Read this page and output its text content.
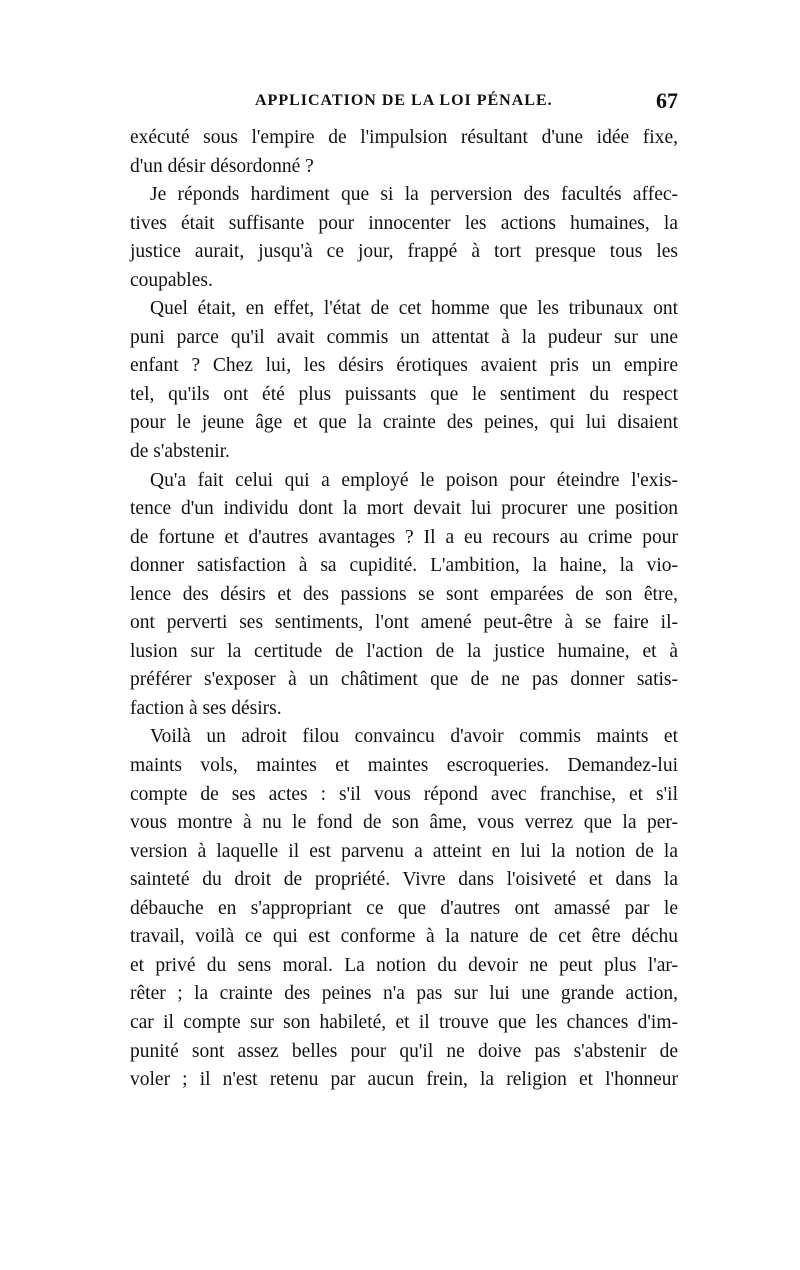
APPLICATION DE LA LOI PÉNALE.	67
exécuté sous l'empire de l'impulsion résultant d'une idée fixe,
d'un désir désordonné ?
Je réponds hardiment que si la perversion des facultés affec-
tives était suffisante pour innocenter les actions humaines, la
justice aurait, jusqu'à ce jour, frappé à tort presque tous les
coupables.
Quel était, en effet, l'état de cet homme que les tribunaux ont
puni parce qu'il avait commis un attentat à la pudeur sur une
enfant ? Chez lui, les désirs érotiques avaient pris un empire
tel, qu'ils ont été plus puissants que le sentiment du respect
pour le jeune âge et que la crainte des peines, qui lui disaient
de s'abstenir.
Qu'a fait celui qui a employé le poison pour éteindre l'exis-
tence d'un individu dont la mort devait lui procurer une position
de fortune et d'autres avantages ? Il a eu recours au crime pour
donner satisfaction à sa cupidité. L'ambition, la haine, la vio-
lence des désirs et des passions se sont emparées de son être,
ont perverti ses sentiments, l'ont amené peut-être à se faire il-
lusion sur la certitude de l'action de la justice humaine, et à
préférer s'exposer à un châtiment que de ne pas donner satis-
faction à ses désirs.
Voilà un adroit filou convaincu d'avoir commis maints et
maints vols, maintes et maintes escroqueries. Demandez-lui
compte de ses actes : s'il vous répond avec franchise, et s'il
vous montre à nu le fond de son âme, vous verrez que la per-
version à laquelle il est parvenu a atteint en lui la notion de la
sainteté du droit de propriété. Vivre dans l'oisiveté et dans la
débauche en s'appropriant ce que d'autres ont amassé par le
travail, voilà ce qui est conforme à la nature de cet être déchu
et privé du sens moral. La notion du devoir ne peut plus l'ar-
rêter ; la crainte des peines n'a pas sur lui une grande action,
car il compte sur son habileté, et il trouve que les chances d'im-
punité sont assez belles pour qu'il ne doive pas s'abstenir de
voler ; il n'est retenu par aucun frein, la religion et l'honneur
